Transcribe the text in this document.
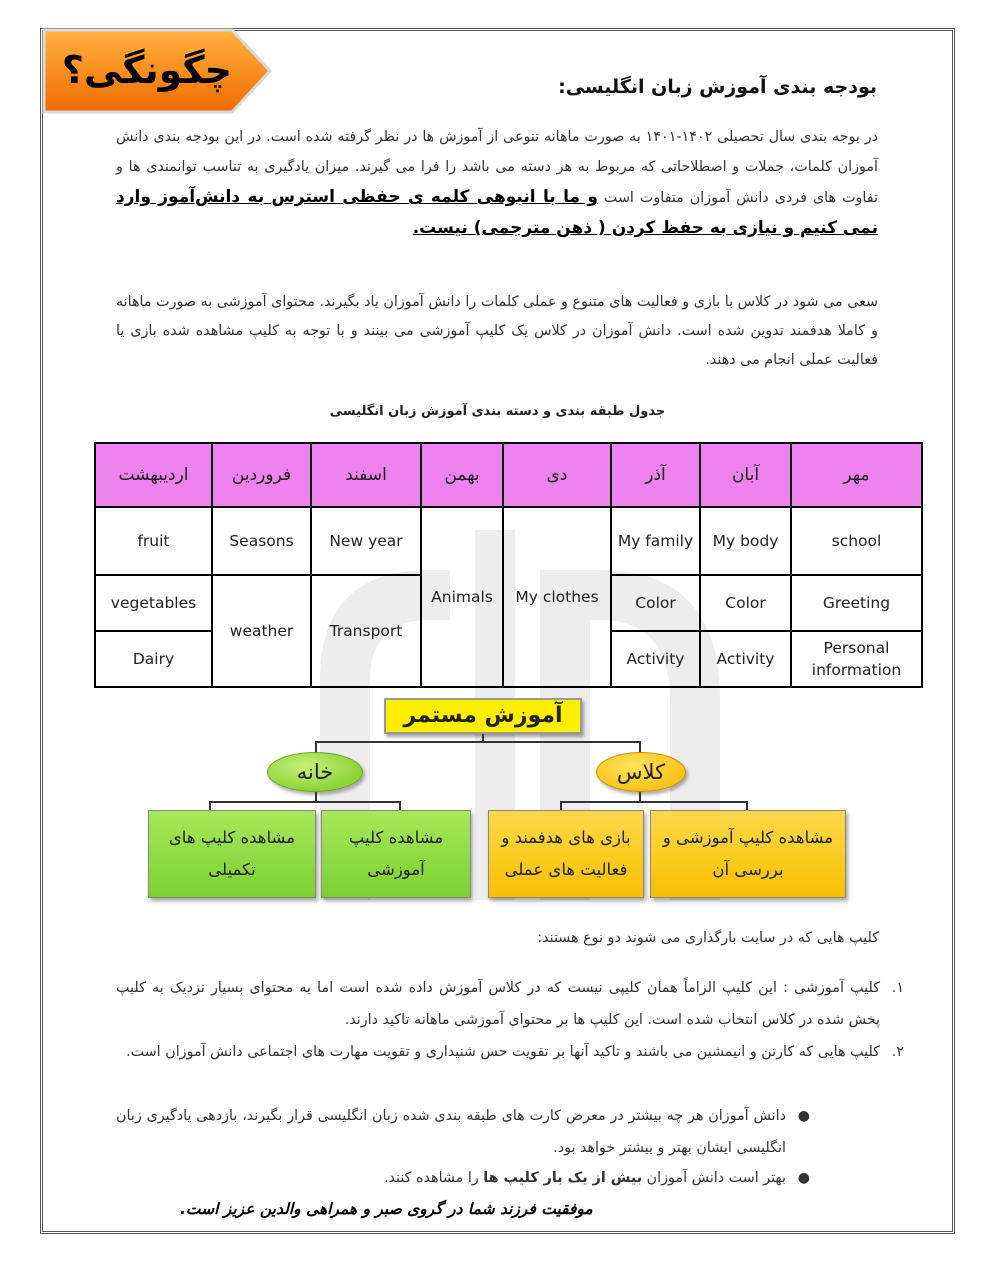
چگونگی؟	بودجه بندی آموزش زبان انگلیسی:
در بوجه بندی سال تحصیلی ۱۴۰۲-۱۴۰۱ به صورت ماهانه تنوعی از آموزش ها در نظر گرفته شده است. در این بودجه بندی دانش آموزان کلمات، جملات و اصطلاحاتی که مربوط به هر دسته می باشد را فرا می گیرند. میزان یادگیری به تناسب توانمندی ها و تفاوت های فردی دانش آموزان متفاوت است و ما با انبوهی کلمه ی حفظی استرس به دانش‌آموز وارد نمی کنیم و نیازی به حفظ کردن ( ذهن مترجمی) نیست.
سعی می شود در کلاس با بازی و فعالیت های متنوع و عملی کلمات را دانش آموزان یاد بگیرند. محتوای آموزشی به صورت ماهانه و کاملا هدفمند تدوین شده است. دانش آموزان در کلاس یک کلیپ آموزشی می بینند و با توجه به کلیپ مشاهده شده بازی یا فعالیت عملی انجام می دهند.
جدول طبقه بندی و دسته بندی آموزش زبان انگلیسی
مهر	آبان	آذر	دی	بهمن	اسفند	فروردین	اردیبهشت
school	My body	My family	My clothes	Animals	New year	Seasons	fruit
Greeting	Color	Color			Transport	weather	vegetables
Personal information	Activity	Activity					Dairy
آموزش مستمر
خانه	کلاس
مشاهده کلیپ های تکمیلی
مشاهده کلیپ آموزشی
بازی های هدفمند و فعالیت های عملی
مشاهده کلیپ آموزشی و بررسی آن
کلیپ هایی که در سایت بارگذاری می شوند دو نوع هستند:
۱.
کلیپ آموزشی : این کلیپ الزاماً همان کلیپی نیست که در کلاس آموزش داده شده است اما به محتوای بسیار نزدیک به کلیپ پخش شده در کلاس انتخاب شده است. این کلیپ ها بر محتوای آموزشی ماهانه تاکید دارند.
۲.
کلیپ هایی که کارتن و انیمشین می باشند و تاکید آنها بر تقویت حس شنیداری و تقویت مهارت های اجتماعی دانش آموزان است.
●
دانش آموزان هر چه بیشتر در معرض کارت های طبقه بندی شده زبان انگلیسی قرار بگیرند، بازدهی یادگیری زبان انگلیسی ایشان بهتر و بیشتر خواهد بود.
●
بهتر است دانش آموزان بیش از یک بار کلیپ ها را مشاهده کنند.
موفقیت فرزند شما در گروی صبر و همراهی والدین عزیز است.
